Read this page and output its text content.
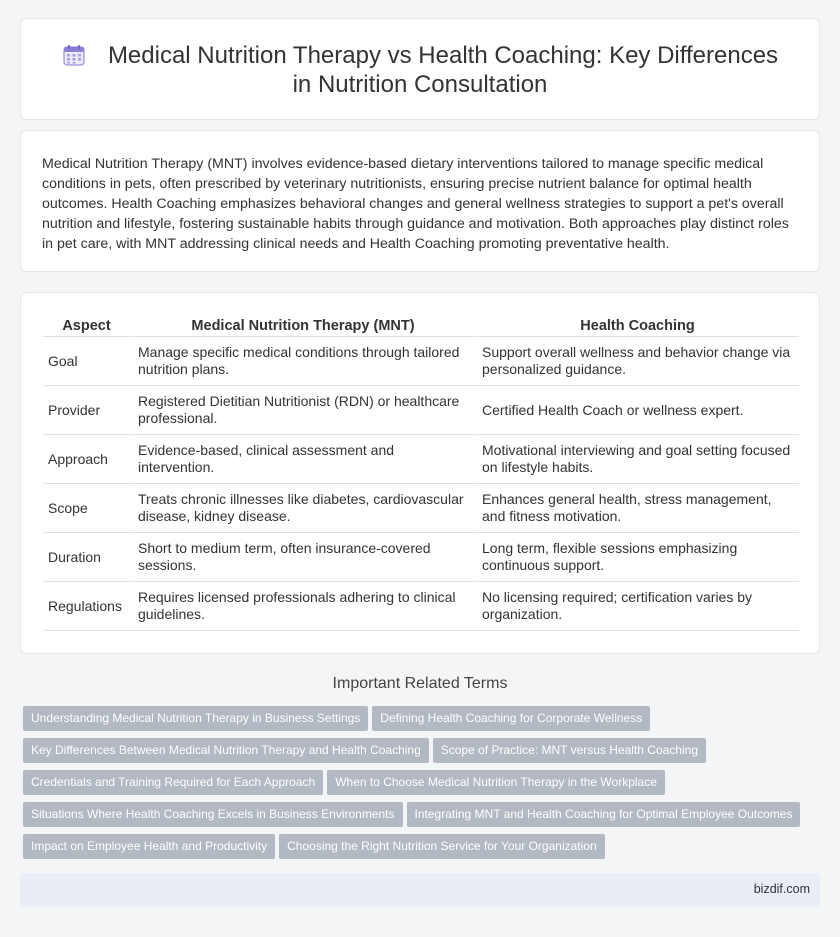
Medical Nutrition Therapy vs Health Coaching: Key Differences in Nutrition Consultation

Medical Nutrition Therapy (MNT) involves evidence-based dietary interventions tailored to manage specific medical conditions in pets, often prescribed by veterinary nutritionists, ensuring precise nutrient balance for optimal health outcomes. Health Coaching emphasizes behavioral changes and general wellness strategies to support a pet's overall nutrition and lifestyle, fostering sustainable habits through guidance and motivation. Both approaches play distinct roles in pet care, with MNT addressing clinical needs and Health Coaching promoting preventative health.

Aspect	Medical Nutrition Therapy (MNT)	Health Coaching
Goal	Manage specific medical conditions through tailored nutrition plans.	Support overall wellness and behavior change via personalized guidance.
Provider	Registered Dietitian Nutritionist (RDN) or healthcare professional.	Certified Health Coach or wellness expert.
Approach	Evidence-based, clinical assessment and intervention.	Motivational interviewing and goal setting focused on lifestyle habits.
Scope	Treats chronic illnesses like diabetes, cardiovascular disease, kidney disease.	Enhances general health, stress management, and fitness motivation.
Duration	Short to medium term, often insurance-covered sessions.	Long term, flexible sessions emphasizing continuous support.
Regulations	Requires licensed professionals adhering to clinical guidelines.	No licensing required; certification varies by organization.
Important Related Terms
Understanding Medical Nutrition Therapy in Business Settings Defining Health Coaching for Corporate Wellness
Key Differences Between Medical Nutrition Therapy and Health Coaching Scope of Practice: MNT versus Health Coaching
Credentials and Training Required for Each Approach When to Choose Medical Nutrition Therapy in the Workplace
Situations Where Health Coaching Excels in Business Environments Integrating MNT and Health Coaching for Optimal Employee Outcomes
Impact on Employee Health and Productivity Choosing the Right Nutrition Service for Your Organization
bizdif.com
